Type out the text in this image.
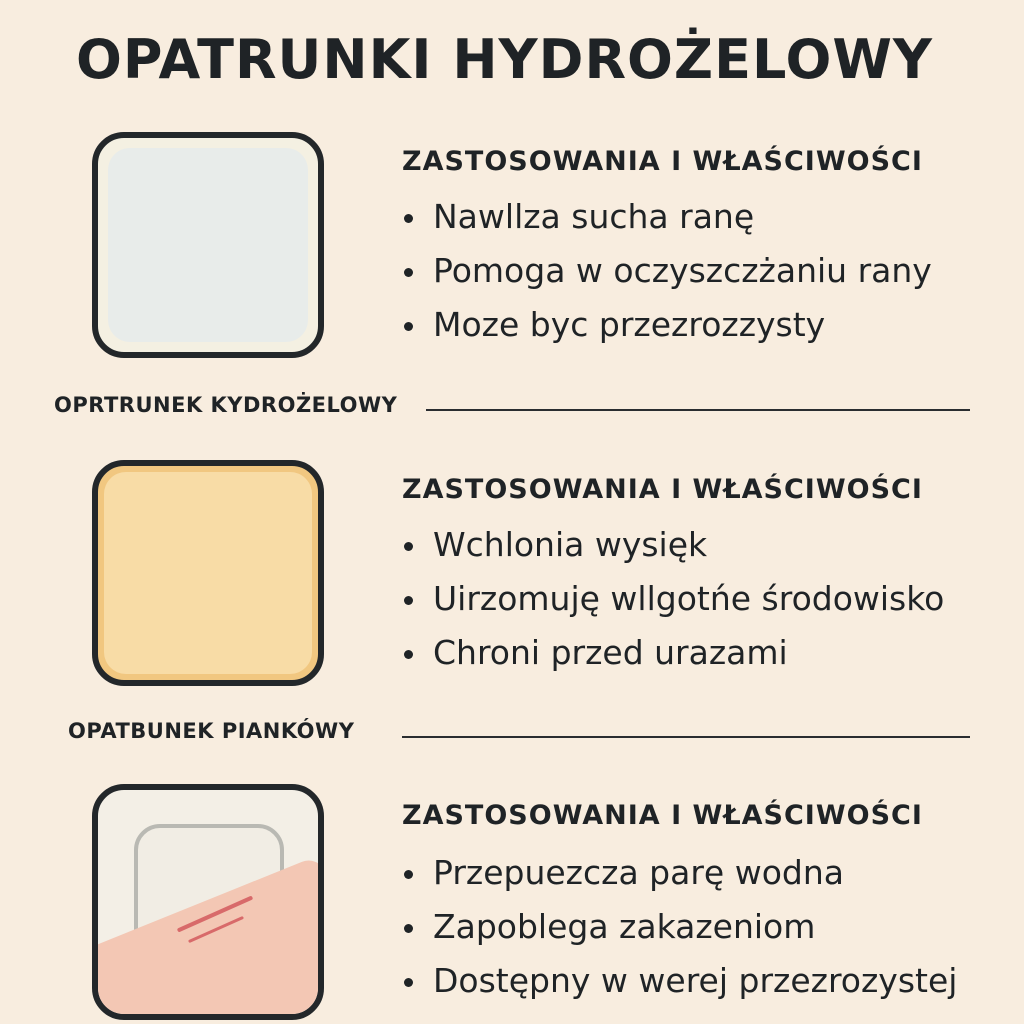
OPATRUNKI HYDROŻELOWY
ZASTOSOWANIA I WŁAŚCIWOŚCI
Nawllza sucha ranę
Pomoga w oczyszczżaniu rany
Moze byc przezrozzysty

OPRTRUNEK KYDROŻELOWY

ZASTOSOWANIA I WŁAŚCIWOŚCI
Wchlonia wysięk
Uirzomuję wllgotńe środowisko
Chroni przed urazami

OPATBUNEK PIANKÓWY

ZASTOSOWANIA I WŁAŚCIWOŚCI
Przepuezcza parę wodna
Zapoblega zakazeniom
Dostępny w werej przezrozystej
